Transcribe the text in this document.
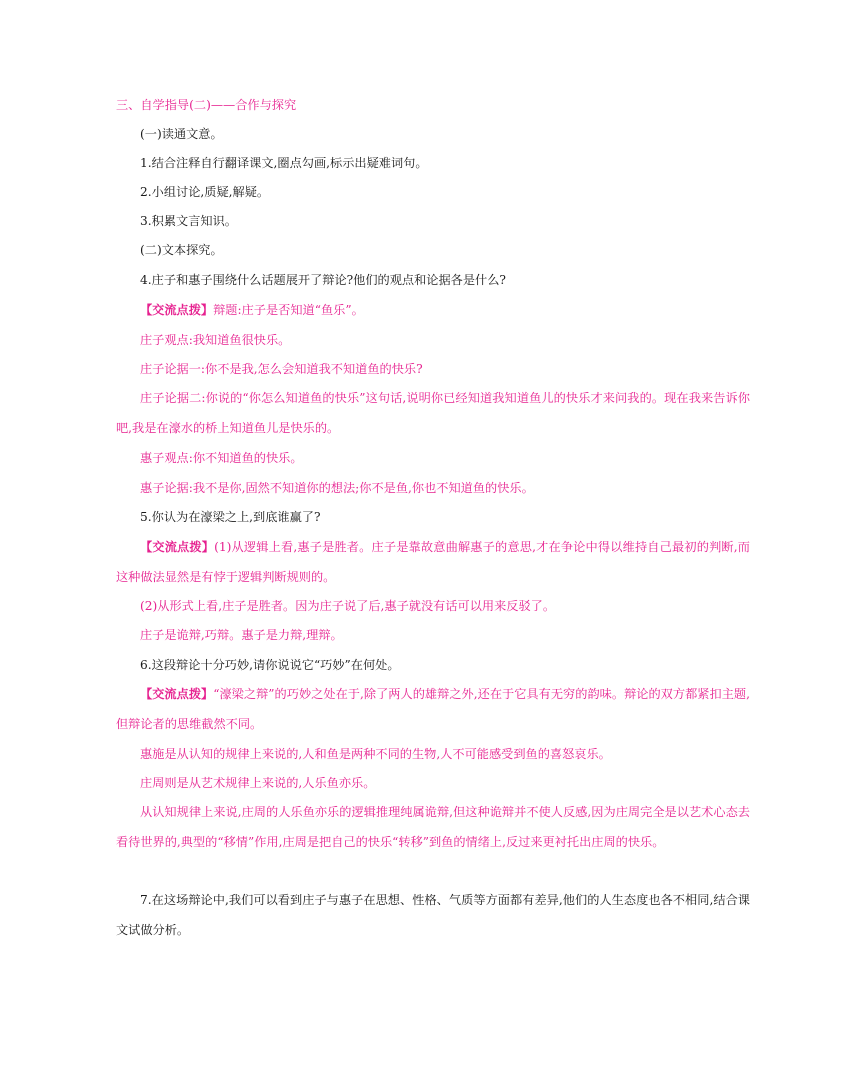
三、自学指导(二)——合作与探究

(一)读通文意。

1.结合注释自行翻译课文,圈点勾画,标示出疑难词句。

2.小组讨论,质疑,解疑。

3.积累文言知识。

(二)文本探究。

4.庄子和惠子围绕什么话题展开了辩论?他们的观点和论据各是什么?

【交流点拨】辩题:庄子是否知道“鱼乐”。

庄子观点:我知道鱼很快乐。

庄子论据一:你不是我,怎么会知道我不知道鱼的快乐?

庄子论据二:你说的“你怎么知道鱼的快乐”这句话,说明你已经知道我知道鱼儿的快乐才来问我的。现在我来告诉你吧,我是在濠水的桥上知道鱼儿是快乐的。

惠子观点:你不知道鱼的快乐。

惠子论据:我不是你,固然不知道你的想法;你不是鱼,你也不知道鱼的快乐。

5.你认为在濠梁之上,到底谁赢了?

【交流点拨】(1)从逻辑上看,惠子是胜者。庄子是靠故意曲解惠子的意思,才在争论中得以维持自己最初的判断,而这种做法显然是有悖于逻辑判断规则的。

(2)从形式上看,庄子是胜者。因为庄子说了后,惠子就没有话可以用来反驳了。

庄子是诡辩,巧辩。惠子是力辩,理辩。

6.这段辩论十分巧妙,请你说说它“巧妙”在何处。

【交流点拨】“濠梁之辩”的巧妙之处在于,除了两人的雄辩之外,还在于它具有无穷的韵味。辩论的双方都紧扣主题,但辩论者的思维截然不同。

惠施是从认知的规律上来说的,人和鱼是两种不同的生物,人不可能感受到鱼的喜怒哀乐。

庄周则是从艺术规律上来说的,人乐鱼亦乐。

从认知规律上来说,庄周的人乐鱼亦乐的逻辑推理纯属诡辩,但这种诡辩并不使人反感,因为庄周完全是以艺术心态去看待世界的,典型的“移情”作用,庄周是把自己的快乐“转移”到鱼的情绪上,反过来更衬托出庄周的快乐。

7.在这场辩论中,我们可以看到庄子与惠子在思想、性格、气质等方面都有差异,他们的人生态度也各不相同,结合课文试做分析。
